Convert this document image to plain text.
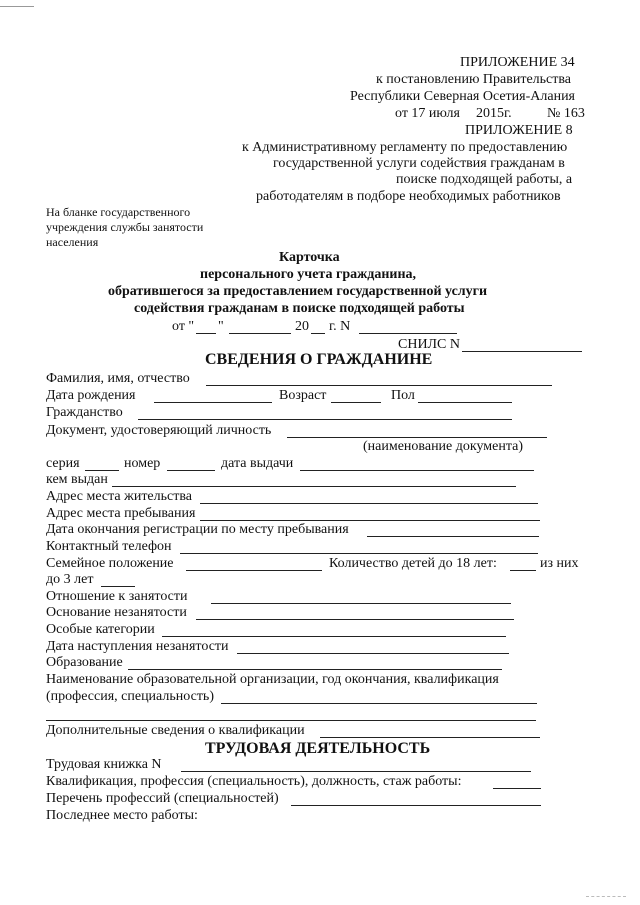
ПРИЛОЖЕНИЕ 34
к постановлению Правительства
Республики Северная Осетия-Алания
от 17 июля 2015г.	№ 163
ПРИЛОЖЕНИЕ 8
к Административному регламенту по предоставлению
государственной услуги содействия гражданам в
поиске подходящей работы, а
работодателям в подборе необходимых работников
На бланке государственного
учреждения службы занятости
населения
Карточка
персонального учета гражданина,
обратившегося за предоставлением государственной услуги
содействия гражданам в поиске подходящей работы
от " "	20 г. N
СНИЛС N
СВЕДЕНИЯ О ГРАЖДАНИНЕ
Фамилия, имя, отчество
Дата рождения	Возраст	Пол
Гражданство
Документ, удостоверяющий личность
(наименование документа)
серия	номер	дата выдачи
кем выдан
Адрес места жительства
Адрес места пребывания
Дата окончания регистрации по месту пребывания
Контактный телефон
Семейное положение	Количество детей до 18 лет:	из них
до 3 лет
Отношение к занятости
Основание незанятости
Особые категории
Дата наступления незанятости
Образование
Наименование образовательной организации, год окончания, квалификация
(профессия, специальность)
Дополнительные сведения о квалификации
ТРУДОВАЯ ДЕЯТЕЛЬНОСТЬ
Трудовая книжка N
Квалификация, профессия (специальность), должность, стаж работы:
Перечень профессий (специальностей)
Последнее место работы:
